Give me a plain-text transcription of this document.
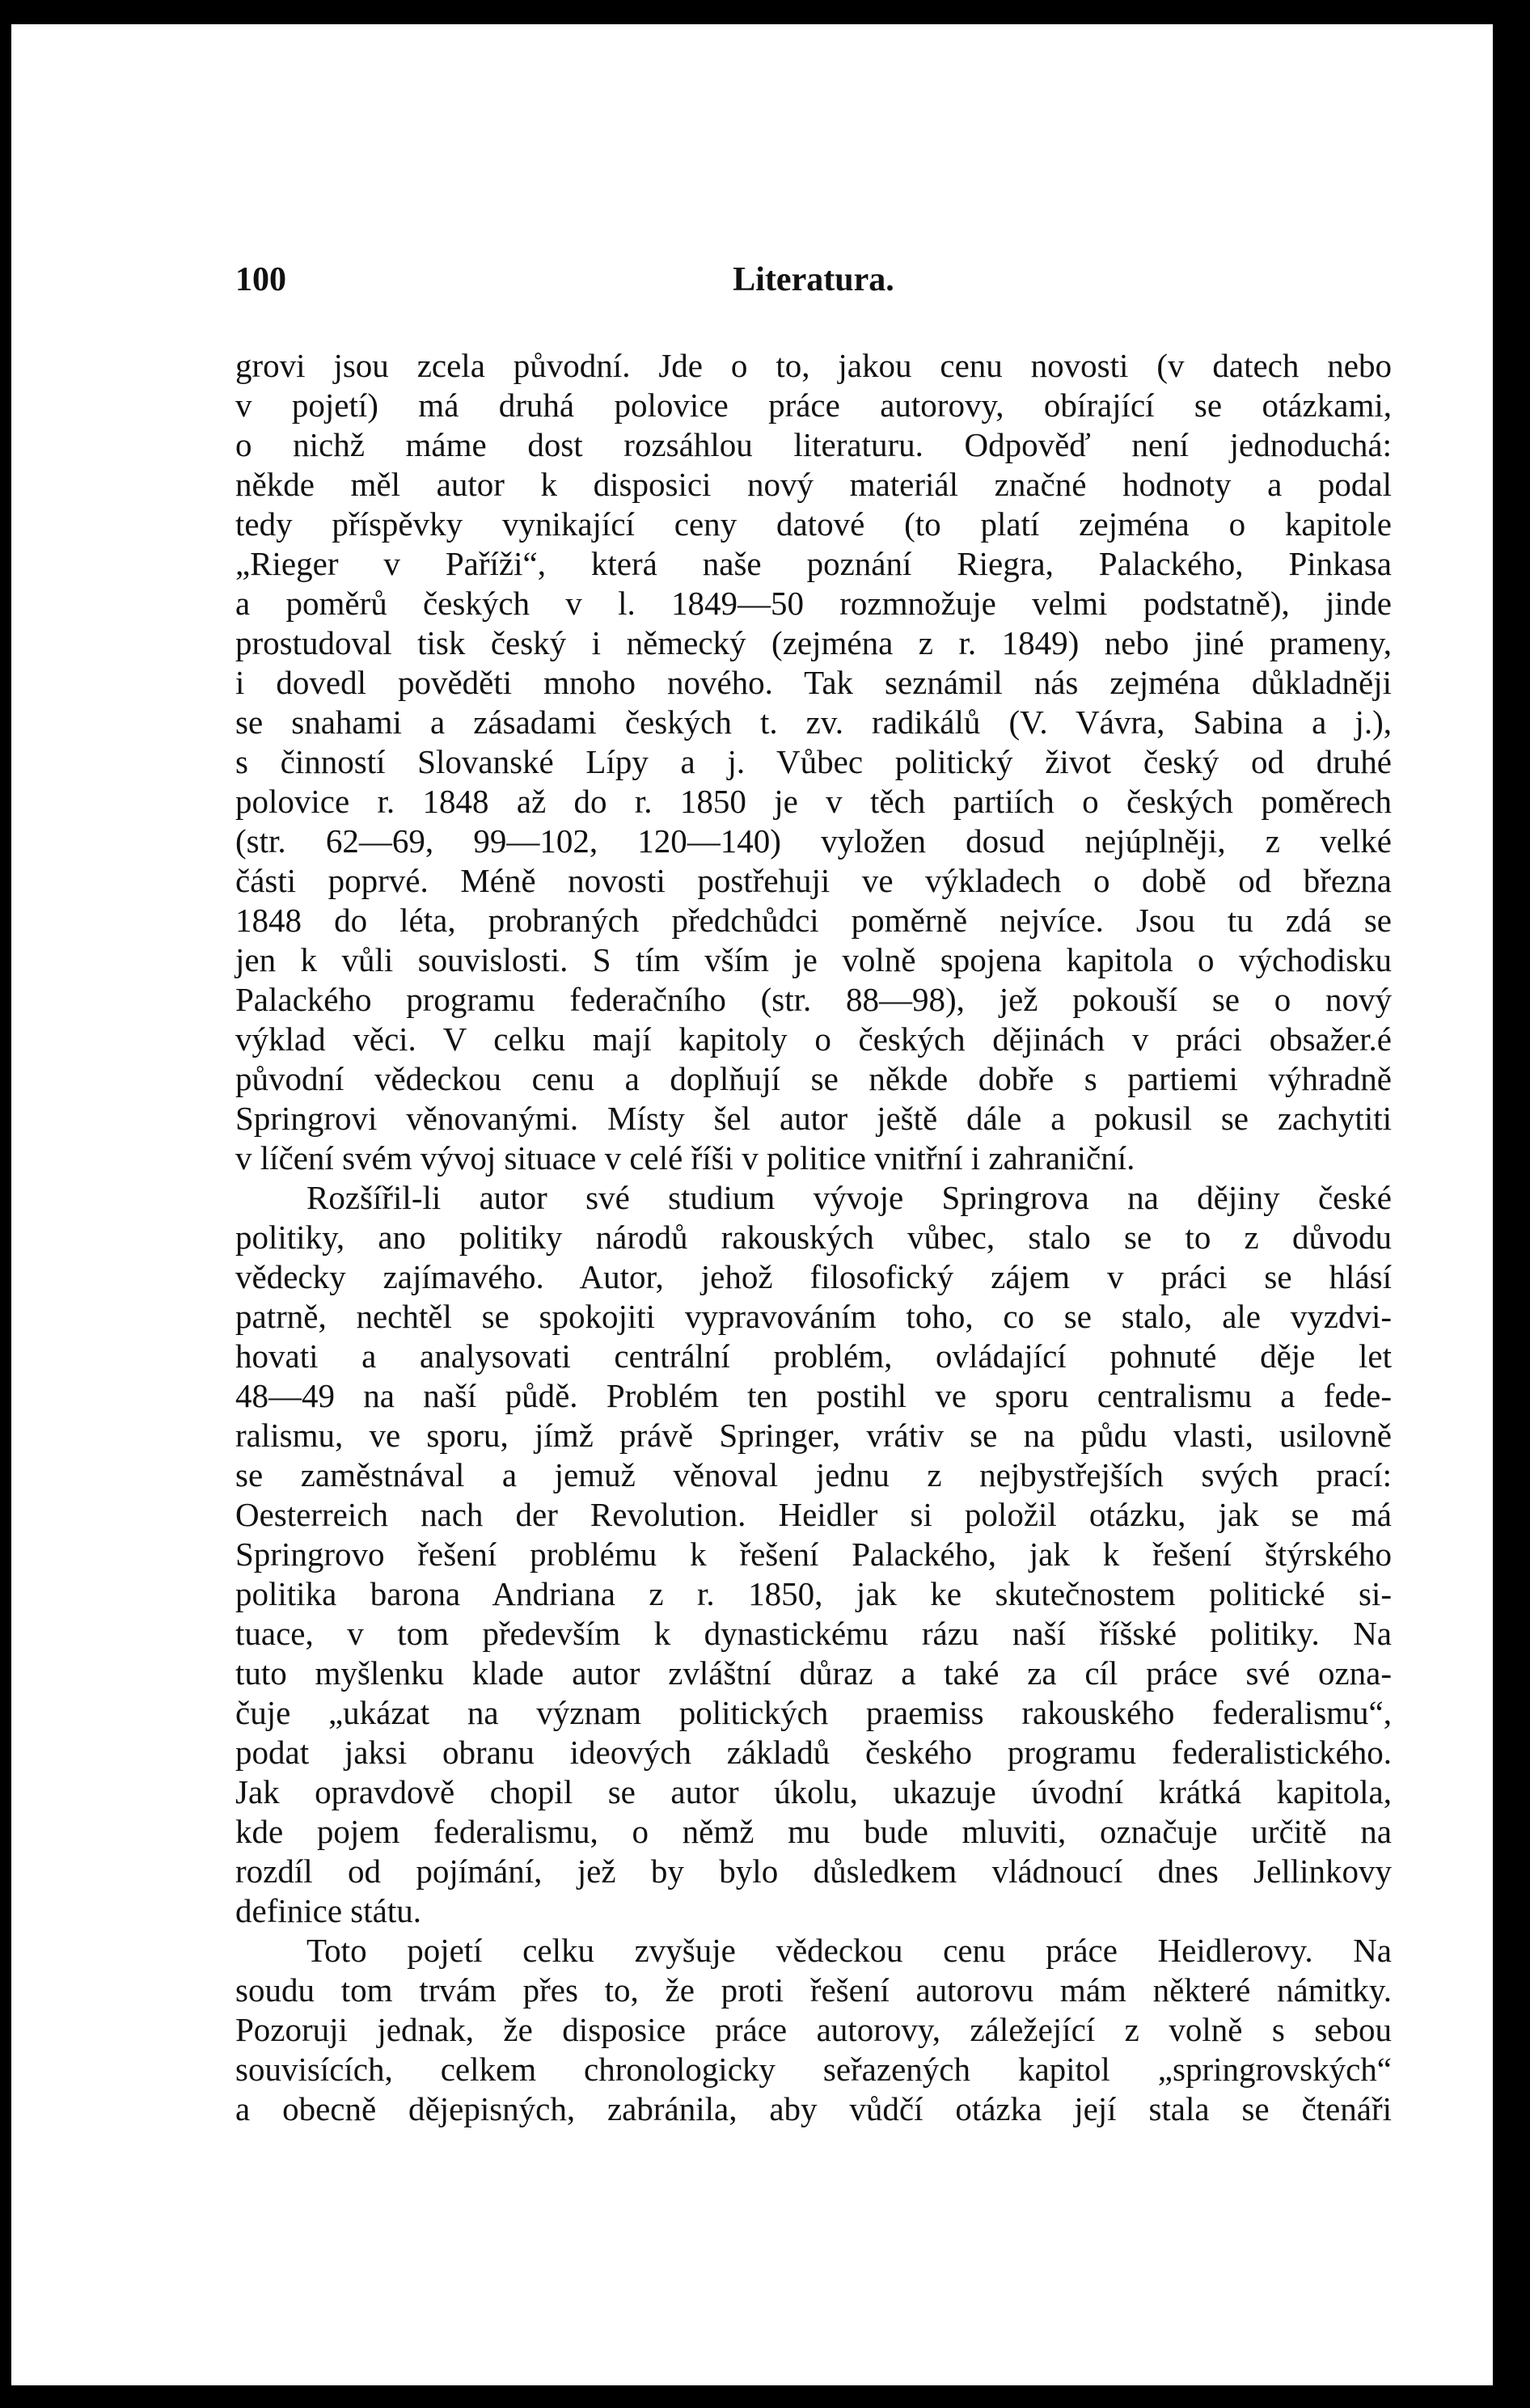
100	Literatura.
grovi jsou zcela původní. Jde o to, jakou cenu novosti (v datech nebo
v pojetí) má druhá polovice práce autorovy, obírající se otázkami,
o nichž máme dost rozsáhlou literaturu. Odpověď není jednoduchá:
někde měl autor k disposici nový materiál značné hodnoty a podal
tedy příspěvky vynikající ceny datové (to platí zejména o kapitole
„Rieger v Paříži“, která naše poznání Riegra, Palackého, Pinkasa
a poměrů českých v l. 1849—50 rozmnožuje velmi podstatně), jinde
prostudoval tisk český i německý (zejména z r. 1849) nebo jiné prameny,
i dovedl pověděti mnoho nového. Tak seznámil nás zejména důkladněji
se snahami a zásadami českých t. zv. radikálů (V. Vávra, Sabina a j.),
s činností Slovanské Lípy a j. Vůbec politický život český od druhé
polovice r. 1848 až do r. 1850 je v těch partiích o českých poměrech
(str. 62—69, 99—102, 120—140) vyložen dosud nejúplněji, z velké
části poprvé. Méně novosti postřehuji ve výkladech o době od března
1848 do léta, probraných předchůdci poměrně nejvíce. Jsou tu zdá se
jen k vůli souvislosti. S tím vším je volně spojena kapitola o východisku
Palackého programu federačního (str. 88—98), jež pokouší se o nový
výklad věci. V celku mají kapitoly o českých dějinách v práci obsažer.é
původní vědeckou cenu a doplňují se někde dobře s partiemi výhradně
Springrovi věnovanými. Místy šel autor ještě dále a pokusil se zachytiti
v líčení svém vývoj situace v celé říši v politice vnitřní i zahraniční.
Rozšířil-li autor své studium vývoje Springrova na dějiny české
politiky, ano politiky národů rakouských vůbec, stalo se to z důvodu
vědecky zajímavého. Autor, jehož filosofický zájem v práci se hlásí
patrně, nechtěl se spokojiti vypravováním toho, co se stalo, ale vyzdvi-
hovati a analysovati centrální problém, ovládající pohnuté děje let
48—49 na naší půdě. Problém ten postihl ve sporu centralismu a fede-
ralismu, ve sporu, jímž právě Springer, vrátiv se na půdu vlasti, usilovně
se zaměstnával a jemuž věnoval jednu z nejbystřejších svých prací:
Oesterreich nach der Revolution. Heidler si položil otázku, jak se má
Springrovo řešení problému k řešení Palackého, jak k řešení štýrského
politika barona Andriana z r. 1850, jak ke skutečnostem politické si-
tuace, v tom především k dynastickému rázu naší říšské politiky. Na
tuto myšlenku klade autor zvláštní důraz a také za cíl práce své ozna-
čuje „ukázat na význam politických praemiss rakouského federalismu“,
podat jaksi obranu ideových základů českého programu federalistického.
Jak opravdově chopil se autor úkolu, ukazuje úvodní krátká kapitola,
kde pojem federalismu, o němž mu bude mluviti, označuje určitě na
rozdíl od pojímání, jež by bylo důsledkem vládnoucí dnes Jellinkovy
definice státu.
Toto pojetí celku zvyšuje vědeckou cenu práce Heidlerovy. Na
soudu tom trvám přes to, že proti řešení autorovu mám některé námitky.
Pozoruji jednak, že disposice práce autorovy, záležející z volně s sebou
souvisících, celkem chronologicky seřazených kapitol „springrovských“
a obecně dějepisných, zabránila, aby vůdčí otázka její stala se čtenáři
